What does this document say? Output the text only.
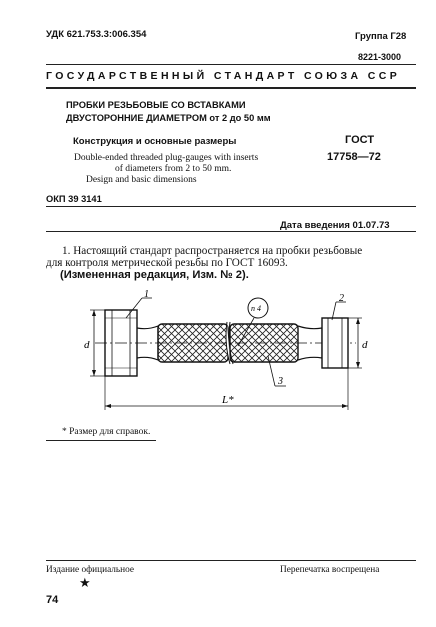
УДК 621.753.3:006.354	Группа Г28
8221-3000
ГОСУДАРСТВЕННЫЙ СТАНДАРТ СОЮЗА ССР
ПРОБКИ РЕЗЬБОВЫЕ СО ВСТАВКАМИ
ДВУСТОРОННИЕ ДИАМЕТРОМ от 2 до 50 мм
Конструкция и основные размеры	ГОСТ
17758—72
Double-ended threaded plug-gauges with inserts
of diameters from 2 to 50 mm.
Design and basic dimensions
ОКП 39 3141
Дата введения 01.07.73
1. Настоящий стандарт распространяется на пробки резьбовые
для контроля метрической резьбы по ГОСТ 16093.
(Измененная редакция, Изм. № 2).
1	2
3
п 4
d	d
L*
* Размер для справок.
Издание официальное	Перепечатка воспрещена
★
74
